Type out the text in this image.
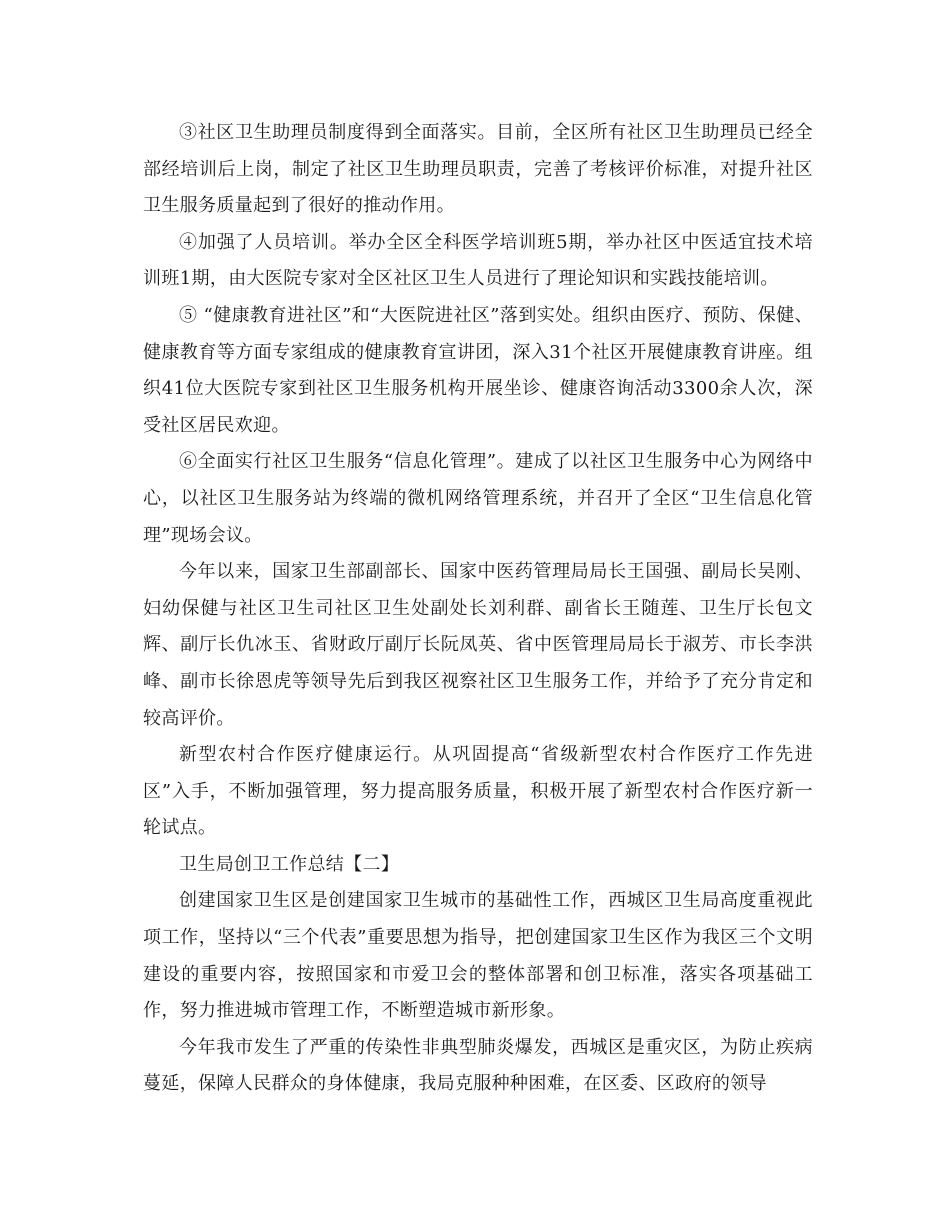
③社区卫生助理员制度得到全面落实。目前，全区所有社区卫生助理员已经全部经培训后上岗，制定了社区卫生助理员职责，完善了考核评价标准，对提升社区卫生服务质量起到了很好的推动作用。

④加强了人员培训。举办全区全科医学培训班5期，举办社区中医适宜技术培训班1期，由大医院专家对全区社区卫生人员进行了理论知识和实践技能培训。

⑤ “健康教育进社区”和“大医院进社区”落到实处。组织由医疗、预防、保健、健康教育等方面专家组成的健康教育宣讲团，深入31个社区开展健康教育讲座。组织41位大医院专家到社区卫生服务机构开展坐诊、健康咨询活动3300余人次，深受社区居民欢迎。

⑥全面实行社区卫生服务“信息化管理”。建成了以社区卫生服务中心为网络中心，以社区卫生服务站为终端的微机网络管理系统，并召开了全区“卫生信息化管理”现场会议。

今年以来，国家卫生部副部长、国家中医药管理局局长王国强、副局长吴刚、妇幼保健与社区卫生司社区卫生处副处长刘利群、副省长王随莲、卫生厅长包文辉、副厅长仇冰玉、省财政厅副厅长阮凤英、省中医管理局局长于淑芳、市长李洪峰、副市长徐恩虎等领导先后到我区视察社区卫生服务工作，并给予了充分肯定和较高评价。

新型农村合作医疗健康运行。从巩固提高“省级新型农村合作医疗工作先进区”入手，不断加强管理，努力提高服务质量，积极开展了新型农村合作医疗新一轮试点。

卫生局创卫工作总结【二】

创建国家卫生区是创建国家卫生城市的基础性工作，西城区卫生局高度重视此项工作，坚持以“三个代表”重要思想为指导，把创建国家卫生区作为我区三个文明建设的重要内容，按照国家和市爱卫会的整体部署和创卫标准，落实各项基础工作，努力推进城市管理工作，不断塑造城市新形象。

今年我市发生了严重的传染性非典型肺炎爆发，西城区是重灾区，为防止疾病蔓延，保障人民群众的身体健康，我局克服种种困难，在区委、区政府的领导
